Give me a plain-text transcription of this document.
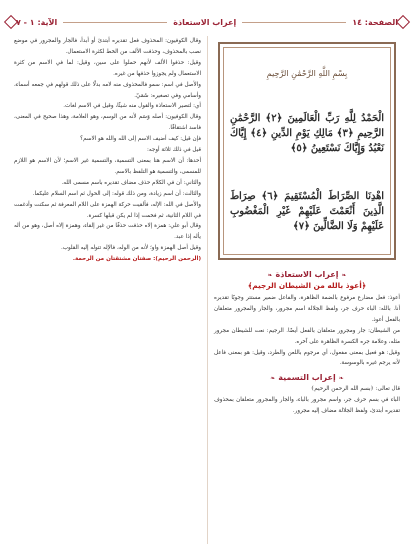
الصفحة: ١٤
إعراب الاستعاذة
الآية: ١ - ٧
بِسْمِ اللَّهِ الرَّحْمَٰنِ الرَّحِيمِ
الْحَمْدُ لِلَّهِ رَبِّ الْعَالَمِينَ ﴿٢﴾ الرَّحْمَٰنِ الرَّحِيمِ ﴿٣﴾ مَالِكِ يَوْمِ الدِّينِ ﴿٤﴾ إِيَّاكَ نَعْبُدُ وَإِيَّاكَ نَسْتَعِينُ ﴿٥﴾
اهْدِنَا الصِّرَاطَ الْمُسْتَقِيمَ ﴿٦﴾ صِرَاطَ الَّذِينَ أَنْعَمْتَ عَلَيْهِمْ غَيْرِ الْمَغْضُوبِ عَلَيْهِمْ وَلَا الضَّالِّينَ ﴿٧﴾
❧ إعراب الاستعاذة ❧
﴿أعوذ بالله من الشيطان الرجيم﴾

أعوذ: فعل مضارع مرفوع بالضمة الظاهرة، والفاعل ضمير مستتر وجوبًا تقديره أنا. بالله: الباء حرف جر، ولفظ الجلالة اسم مجرور، والجار والمجرور متعلقان بالفعل أعوذ.

من الشيطان: جار ومجرور متعلقان بالفعل أيضًا. الرجيم: نعت للشيطان مجرور مثله، وعلامة جره الكسرة الظاهرة على آخره.

وقيل: هو فعيل بمعنى مفعول، أي مرجوم باللعن والطرد، وقيل: هو بمعنى فاعل لأنه يرجم غيره بالوسوسة.

❧ إعراب التسمية ❧

قال تعالى: ﴿بسم الله الرحمن الرحيم﴾

الباء في بسم حرف جر، واسم مجرور بالباء، والجار والمجرور متعلقان بمحذوف تقديره أبتدئ، ولفظ الجلالة مضاف إليه مجرور.

وقال الكوفيون: المحذوف فعل تقديره أبتدئ أو أبدأ، فالجار والمجرور في موضع نصب بالمحذوف، وحذفت الألف من الخط لكثرة الاستعمال.

وقيل: حذفوا الألف لأنهم حملوا على سين، وقيل: لما في الاسم من كثرة الاستعمال ولم يجوزوا حذفها من غيره.

والأصل في اسم: سمو فالمحذوف منه لامه بدلًا على ذلك قولهم في جمعه أسماء، وأسامي وفي تصغيره: سُمَيّ.

أي: لتصير الاستعاذة والقول منه شيئًا، وقيل في الاسم لغات.

وقال الكوفيون: أصله وَسَم لأنه من الوسم، وهو العلامة، وهذا صحيح في المعنى، فاسد اشتقاقًا.

فإن قيل: كيف أضيف الاسم إلى الله والله هو الاسم؟

قيل في ذلك ثلاثة أوجه:

أحدها: أن الاسم هنا بمعنى التسمية، والتسمية غير الاسم؛ لأن الاسم هو اللازم للمسمى، والتسمية هو التلفظ بالاسم.

والثاني: أن في الكلام حذف مضاف تقديره باسم مسمى الله.

والثالث: أن اسم زيادة، ومن ذلك قوله: إلى الحول ثم اسم السلام عليكما.

والأصل في الله: الإله، فألقيت حركة الهمزة على اللام المعرفة ثم سكنت وأدغمت في اللام الثانية، ثم فخمت إذا لم يكن قبلها كسرة.

وقال أبو علي: همزة إلاه حذفت حذفًا من غير إلقاء، وهمزة إلاه أصل، وهو من أله يأله إذا عبد.

وقيل أصل الهمزة واو؛ لأنه من الوله، فالإله تتوله إليه القلوب.

(الرحمن الرحيم): صفتان مشتقتان من الرحمة.
